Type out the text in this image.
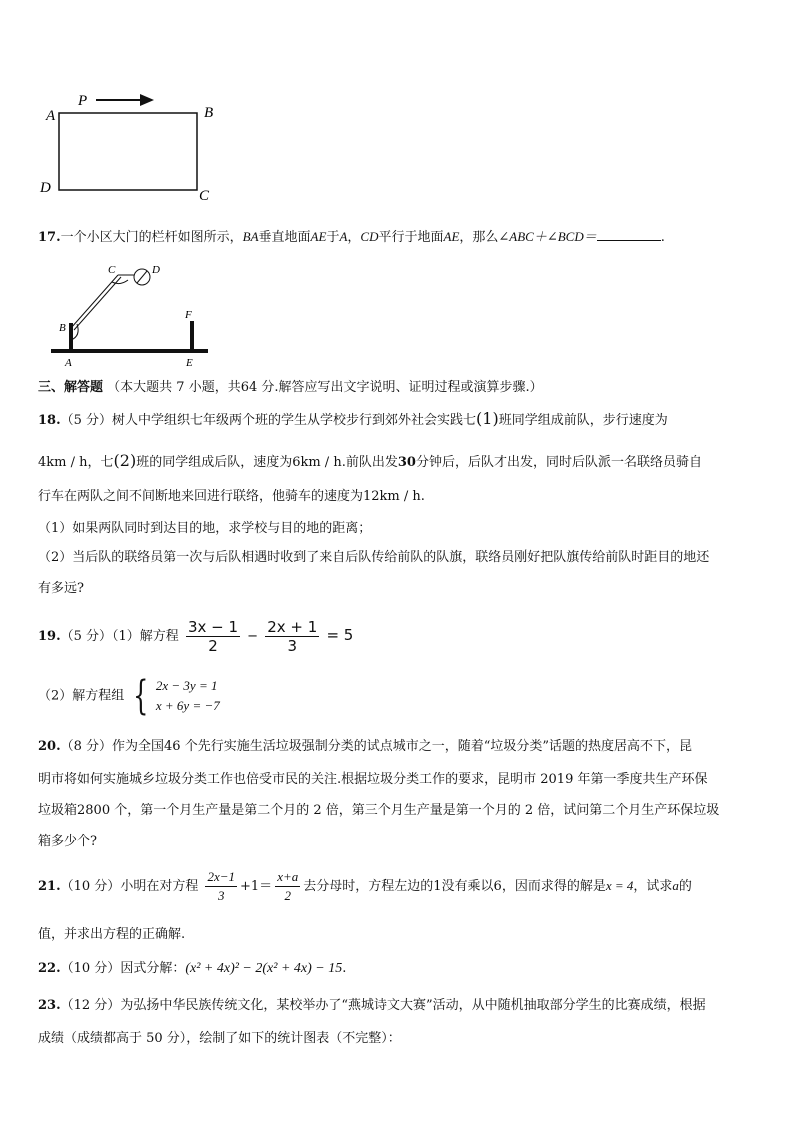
P
A	B
D	C
17.一个小区大门的栏杆如图所示，BA垂直地面AE于A，CD平行于地面AE，那么∠ABC＋∠BCD＝	.
C	D
B
F
A	E
三、解答题 （本大题共 7 小题，共64 分.解答应写出文字说明、证明过程或演算步骤.）
18.（5 分）树人中学组织七年级两个班的学生从学校步行到郊外社会实践七(1)班同学组成前队，步行速度为
4km / h，七(2)班的同学组成后队，速度为6km / h.前队出发30分钟后，后队才出发，同时后队派一名联络员骑自
行车在两队之间不间断地来回进行联络，他骑车的速度为12km / h.
（1）如果两队同时到达目的地，求学校与目的地的距离；
（2）当后队的联络员第一次与后队相遇时收到了来自后队传给前队的队旗，联络员刚好把队旗传给前队时距目的地还
有多远?
19.（5 分）（1）解方程 $\frac{3x - 1}{2} - \frac{2x + 1}{3} = 5$
（2）解方程组 { 2x − 3y = 1
x + 6y = −7
20.（8 分）作为全国46 个先行实施生活垃圾强制分类的试点城市之一，随着“垃圾分类”话题的热度居高不下，昆
明市将如何实施城乡垃圾分类工作也倍受市民的关注.根据垃圾分类工作的要求，昆明市 2019 年第一季度共生产环保
垃圾箱2800 个，第一个月生产量是第二个月的 2 倍，第三个月生产量是第一个月的 2 倍，试问第二个月生产环保垃圾
箱多少个?
21.（10 分）小明在对方程 $\frac{2x-1}{3} +1= \frac{x+a}{2}$ 去分母时，方程左边的1没有乘以6，因而求得的解是x = 4，试求a的
值，并求出方程的正确解.
22.（10 分）因式分解：(x² + 4x)² − 2(x² + 4x) − 15.
23.（12 分）为弘扬中华民族传统文化，某校举办了“燕城诗文大赛”活动，从中随机抽取部分学生的比赛成绩，根据
成绩（成绩都高于 50 分），绘制了如下的统计图表（不完整）：
